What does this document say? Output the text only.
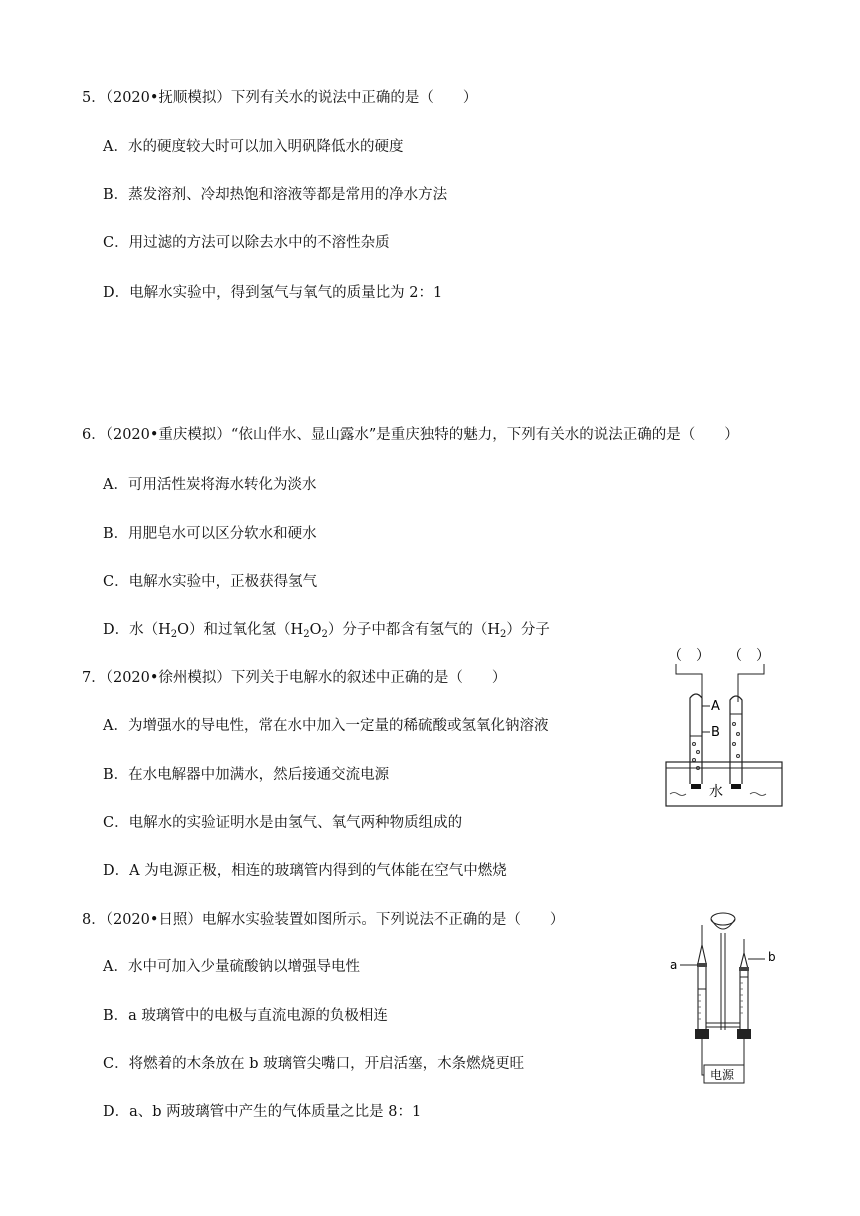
5．（2020•抚顺模拟）下列有关水的说法中正确的是（　　）
A．水的硬度较大时可以加入明矾降低水的硬度
B．蒸发溶剂、冷却热饱和溶液等都是常用的净水方法
C．用过滤的方法可以除去水中的不溶性杂质
D．电解水实验中，得到氢气与氧气的质量比为 2：1
6．（2020•重庆模拟）“依山伴水、显山露水”是重庆独特的魅力，下列有关水的说法正确的是（　　）
A．可用活性炭将海水转化为淡水
B．用肥皂水可以区分软水和硬水
C．电解水实验中，正极获得氢气
D．水$(H_2O)$和过氧化氢$(H_2O_2)$分子中都含有氢气的$(H_2)$分子
7．（2020•徐州模拟）下列关于电解水的叙述中正确的是（　　）
A．为增强水的导电性，常在水中加入一定量的稀硫酸或氢氧化钠溶液
B．在水电解器中加满水，然后接通交流电源
C．电解水的实验证明水是由氢气、氧气两种物质组成的
D．A 为电源正极，相连的玻璃管内得到的气体能在空气中燃烧
（　） （　）
A
B
水
8．（2020•日照）电解水实验装置如图所示。下列说法不正确的是（　　）
A．水中可加入少量硫酸钠以增强导电性
B．a 玻璃管中的电极与直流电源的负极相连
C．将燃着的木条放在 b 玻璃管尖嘴口，开启活塞，木条燃烧更旺
D．a、b 两玻璃管中产生的气体质量之比是 8：1
a
b
电源
